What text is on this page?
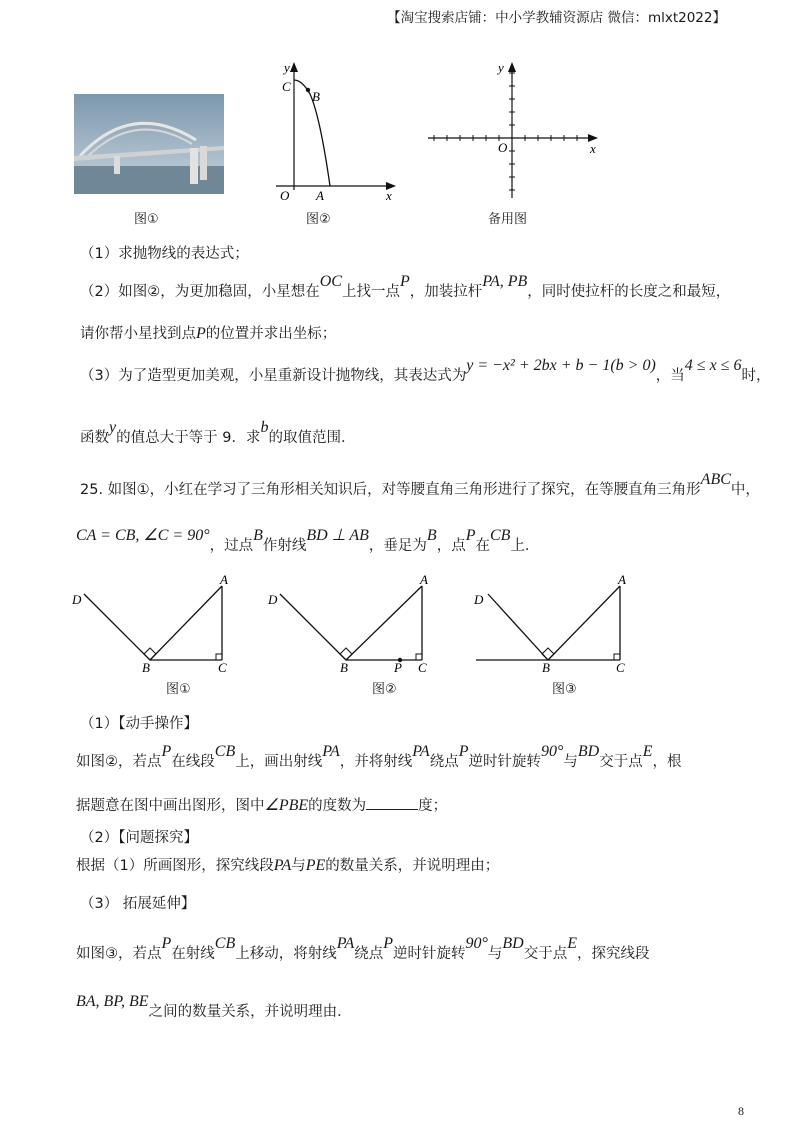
【淘宝搜索店铺：中小学教辅资源店 微信：mlxt2022】
图①
y
x
C
B
O A
图②
y
x
O
备用图
（1）求抛物线的表达式；
（2）如图②，为更加稳固，小星想在OC上找一点P，加装拉杆PA, PB，同时使拉杆的长度之和最短，
请你帮小星找到点P的位置并求出坐标；
（3）为了造型更加美观，小星重新设计抛物线，其表达式为y = −x² + 2bx + b − 1(b > 0)，当4 ≤ x ≤ 6时，
函数y的值总大于等于 9．求b的取值范围．
25. 如图①，小红在学习了三角形相关知识后，对等腰直角三角形进行了探究，在等腰直角三角形ABC中，
CA = CB, ∠C = 90°，过点B作射线BD ⊥ AB，垂足为B，点P在CB上．
D
A
B	C
图①
D
A
B	P C
图②
D
A
B	C
图③
（1）【动手操作】
如图②，若点P在线段CB上，画出射线PA，并将射线PA绕点P逆时针旋转90°与BD交于点E，根
据题意在图中画出图形，图中∠PBE的度数为	度；
（2）【问题探究】
根据（1）所画图形，探究线段PA与PE的数量关系，并说明理由；
（3） 拓展延伸】
如图③，若点P在射线CB上移动，将射线PA绕点P逆时针旋转90°与BD交于点E，探究线段
BA, BP, BE之间的数量关系，并说明理由．
8
